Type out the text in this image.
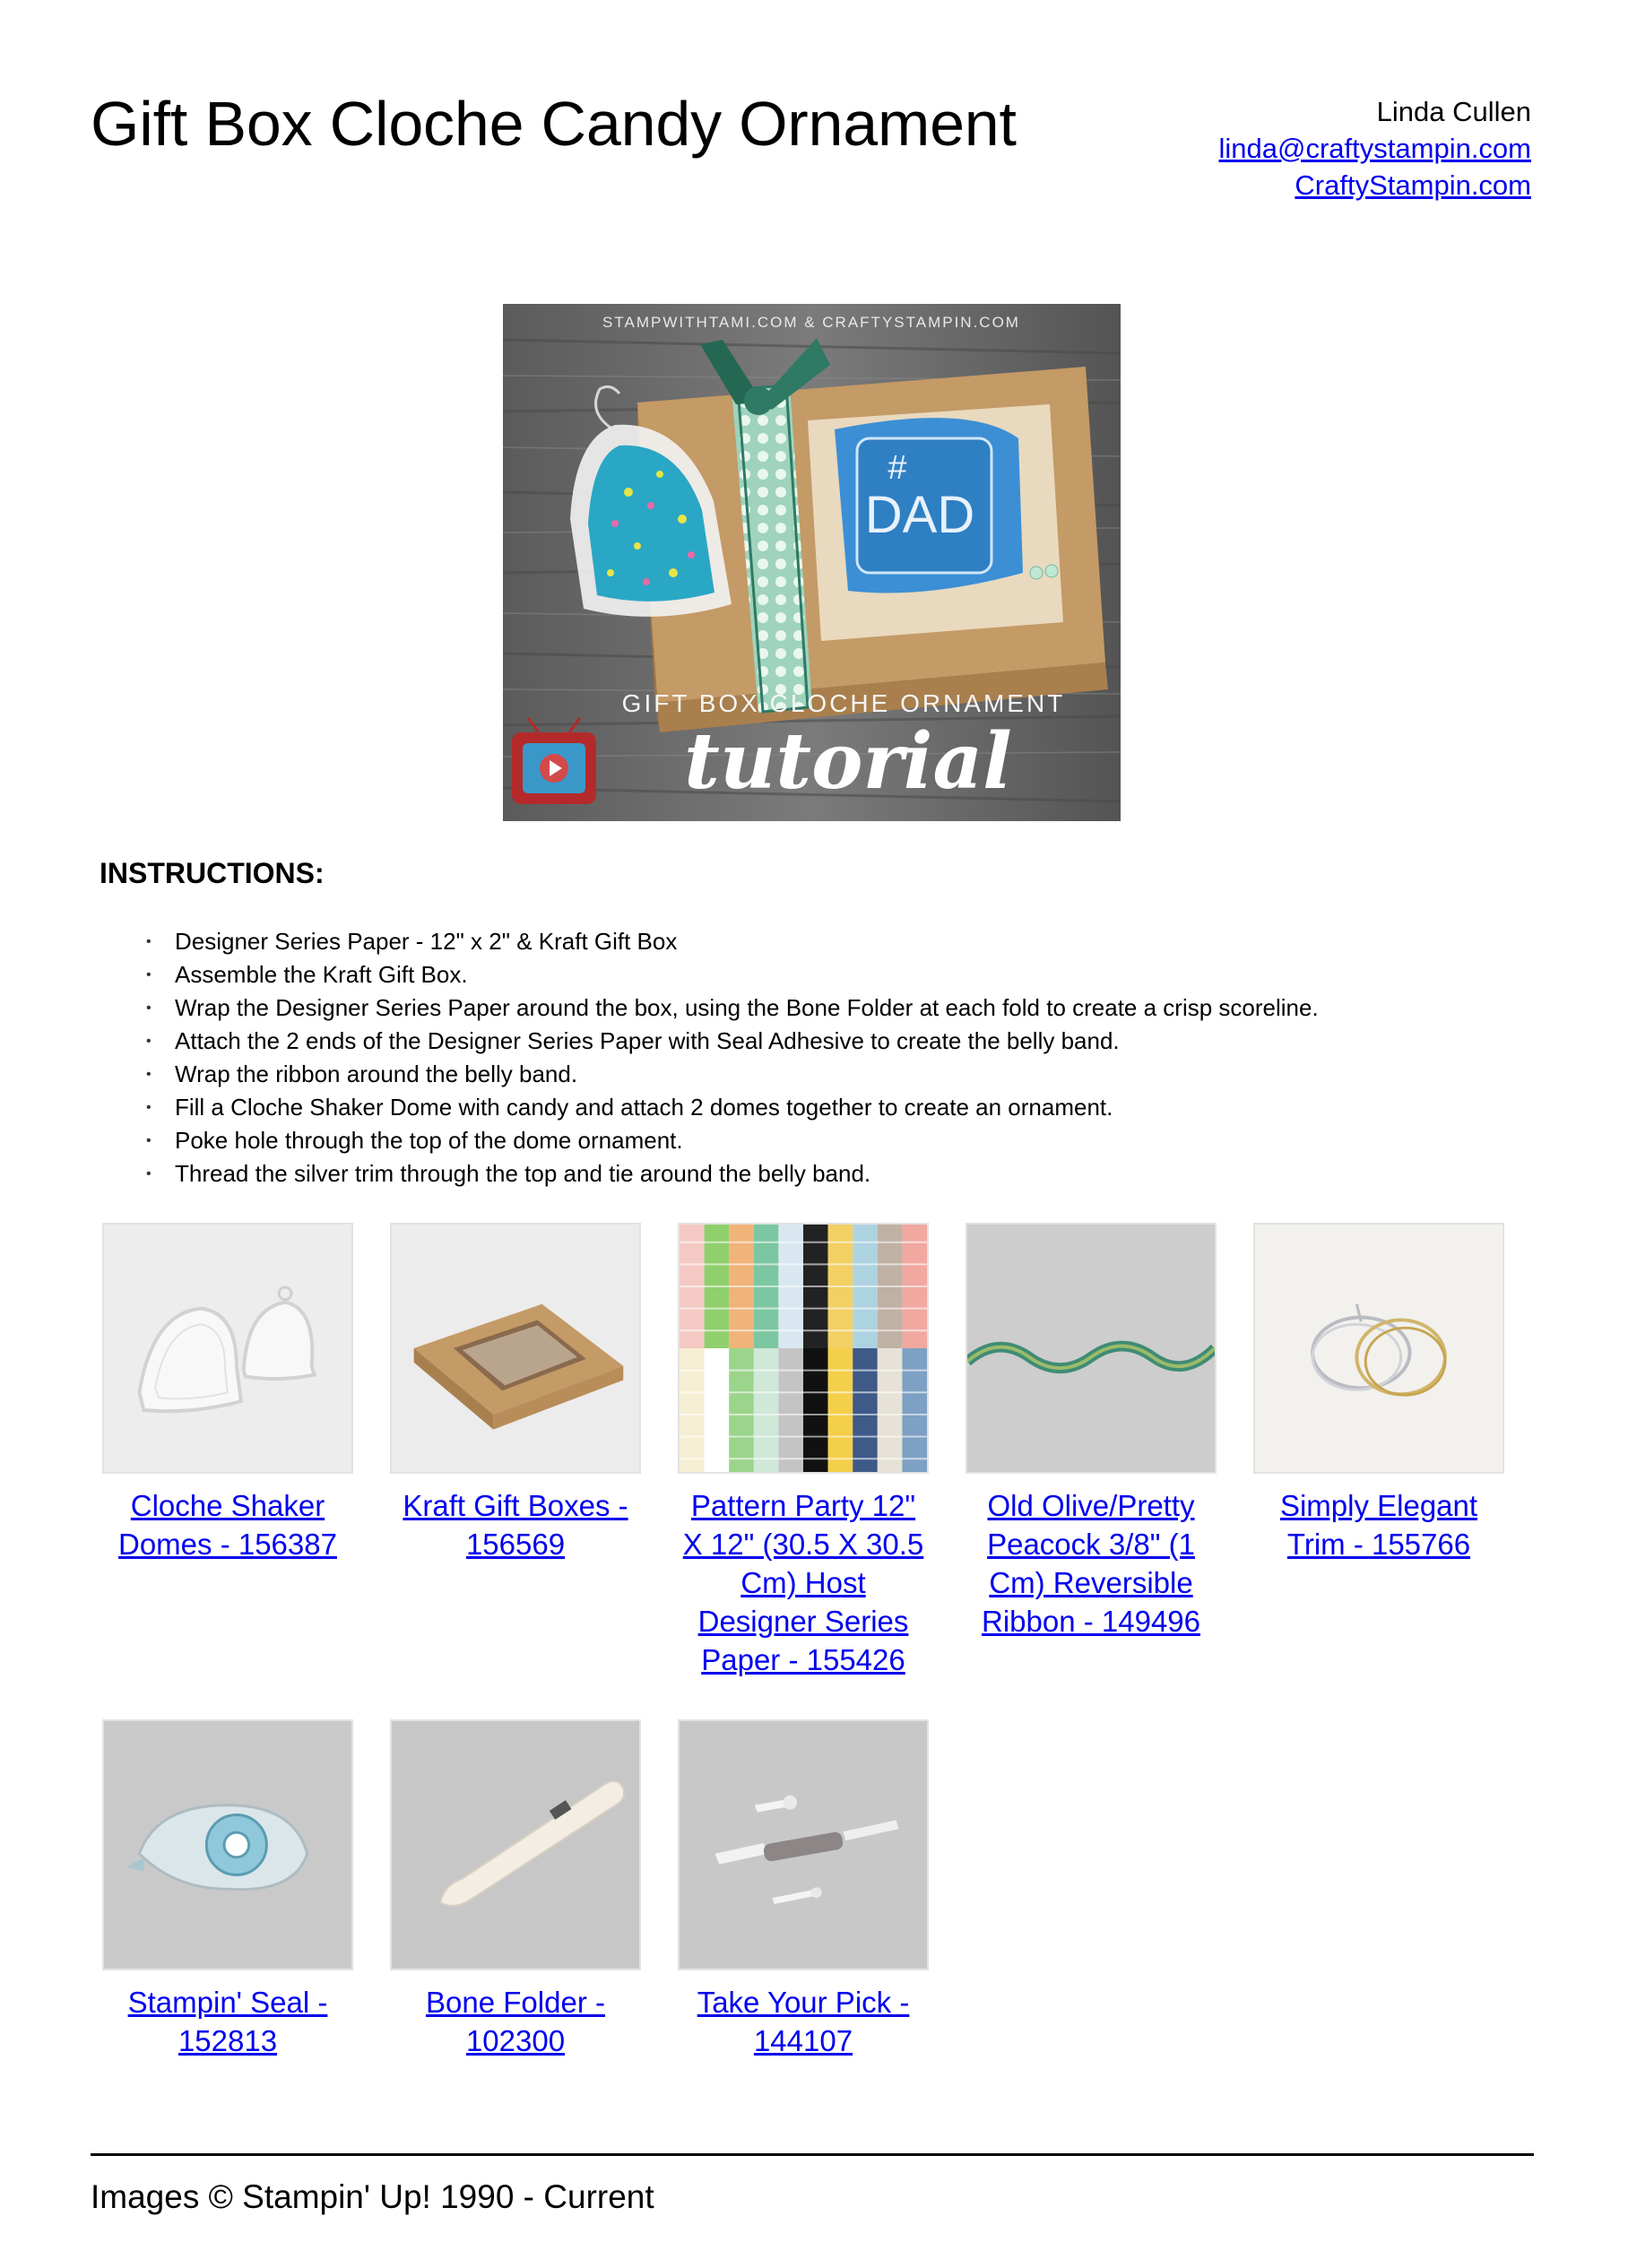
Gift Box Cloche Candy Ornament	Linda Cullen
linda@craftystampin.com
CraftyStampin.com
STAMPWITHTAMI.COM & CRAFTYSTAMPIN.COM
DAD
#
GIFT BOX CLOCHE ORNAMENT
tutorial
INSTRUCTIONS:
• Designer Series Paper - 12" x 2" & Kraft Gift Box
• Assemble the Kraft Gift Box.
• Wrap the Designer Series Paper around the box, using the Bone Folder at each fold to create a crisp scoreline.
• Attach the 2 ends of the Designer Series Paper with Seal Adhesive to create the belly band.
• Wrap the ribbon around the belly band.
• Fill a Cloche Shaker Dome with candy and attach 2 domes together to create an ornament.
• Poke hole through the top of the dome ornament.
• Thread the silver trim through the top and tie around the belly band.
Cloche Shaker Domes - 156387
Kraft Gift Boxes - 156569
Pattern Party 12" X 12" (30.5 X 30.5 Cm) Host Designer Series Paper - 155426
Old Olive/Pretty Peacock 3/8" (1 Cm) Reversible Ribbon - 149496
Simply Elegant Trim - 155766
Stampin' Seal - 152813
Bone Folder - 102300
Take Your Pick - 144107
Images © Stampin' Up! 1990 - Current
